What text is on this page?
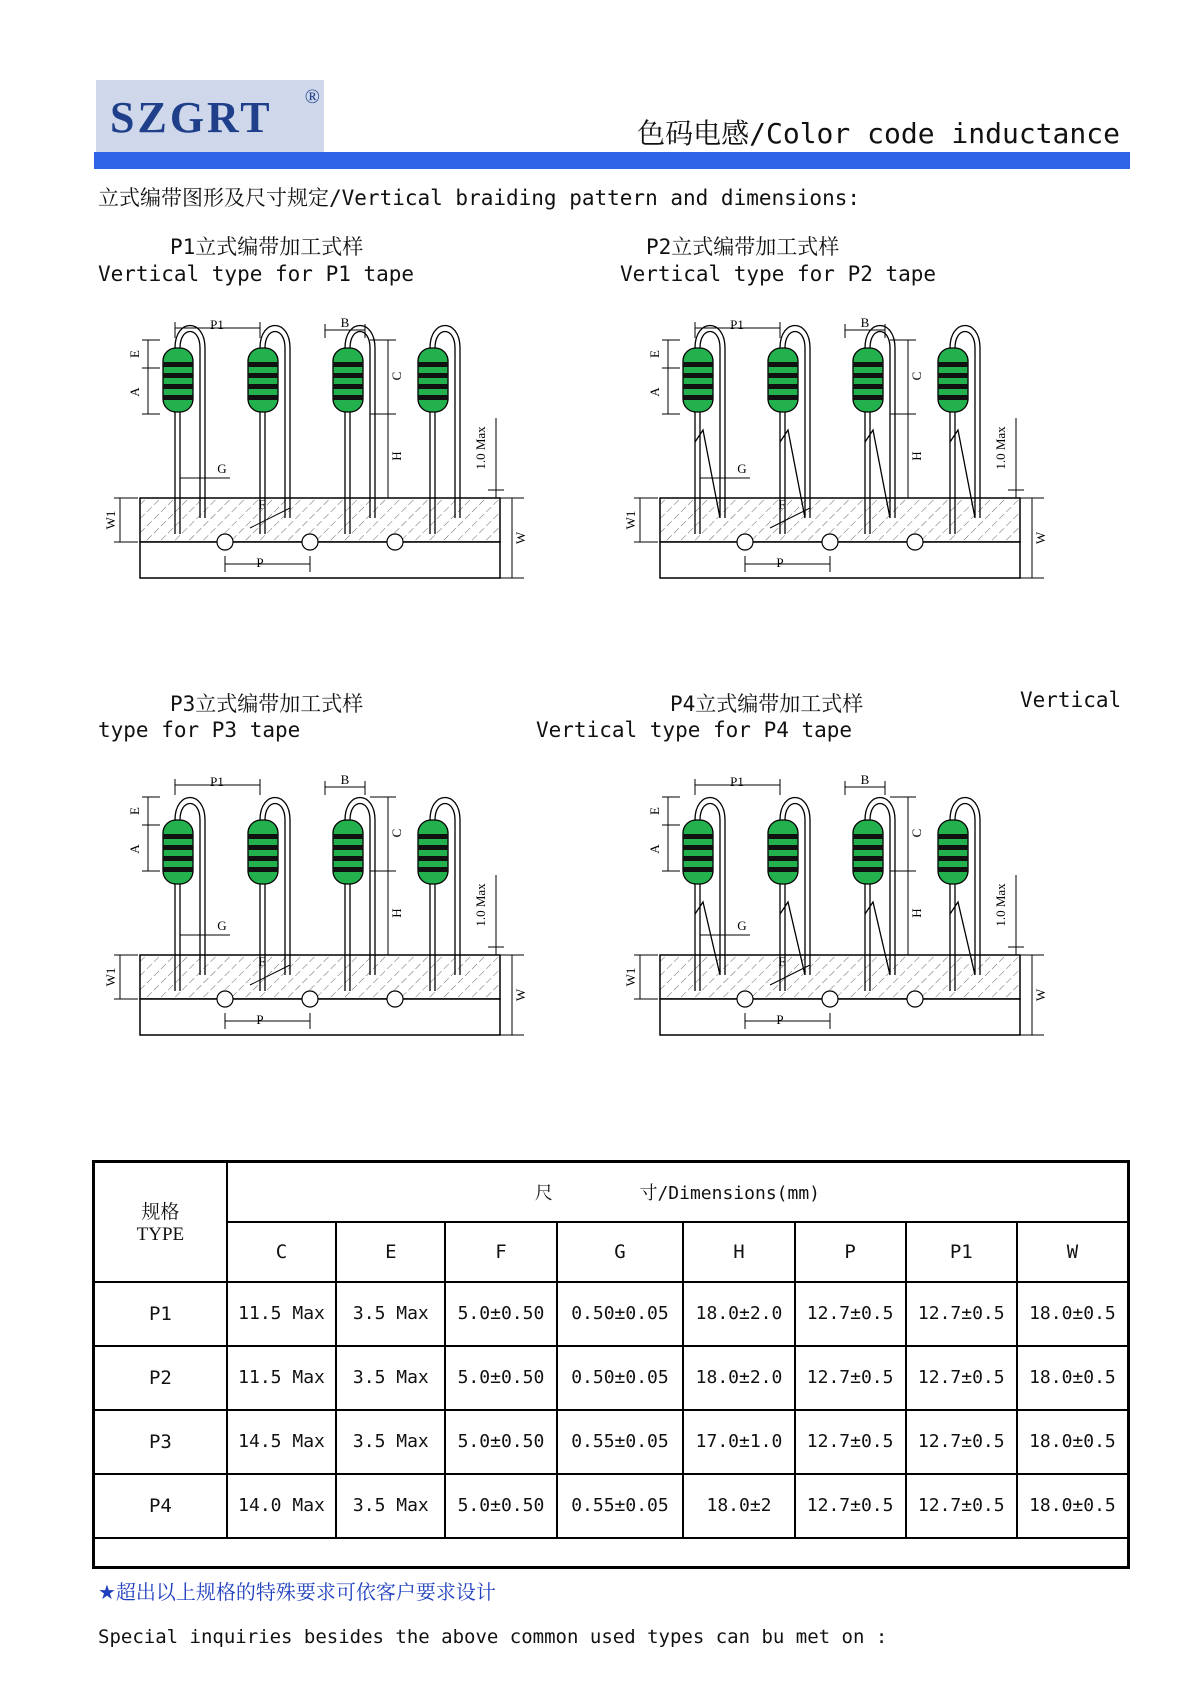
SZGRT ®
色码电感/Color code inductance
立式编带图形及尺寸规定/Vertical braiding pattern and dimensions:
P1立式编带加工式样
Vertical type for P1 tape
P2立式编带加工式样
Vertical type for P2 tape
P3立式编带加工式样	Vertical
type for P3 tape
P4立式编带加工式样
Vertical type for P4 tape
P1	B
E
A
C
H
G
F
P
W1
W
1.0 Max
P1	B
E
A
C
H
G
F
P
W1
W
1.0 Max
P1	B
E
A
C
H
G
F
P
W1
W
1.0 Max
P1	B
E
A
C
H
G
F
P
W1
W
1.0 Max
规格
TYPE	尺        寸/Dimensions(mm)							
	C	E	F	G	H	P	P1	W
P1	11.5 Max	3.5 Max	5.0±0.50	0.50±0.05	18.0±2.0	12.7±0.5	12.7±0.5	18.0±0.5
P2	11.5 Max	3.5 Max	5.0±0.50	0.50±0.05	18.0±2.0	12.7±0.5	12.7±0.5	18.0±0.5
P3	14.5 Max	3.5 Max	5.0±0.50	0.55±0.05	17.0±1.0	12.7±0.5	12.7±0.5	18.0±0.5
P4	14.0 Max	3.5 Max	5.0±0.50	0.55±0.05	18.0±2	12.7±0.5	12.7±0.5	18.0±0.5

★超出以上规格的特殊要求可依客户要求设计
Special inquiries besides the above common used types can bu met on :
